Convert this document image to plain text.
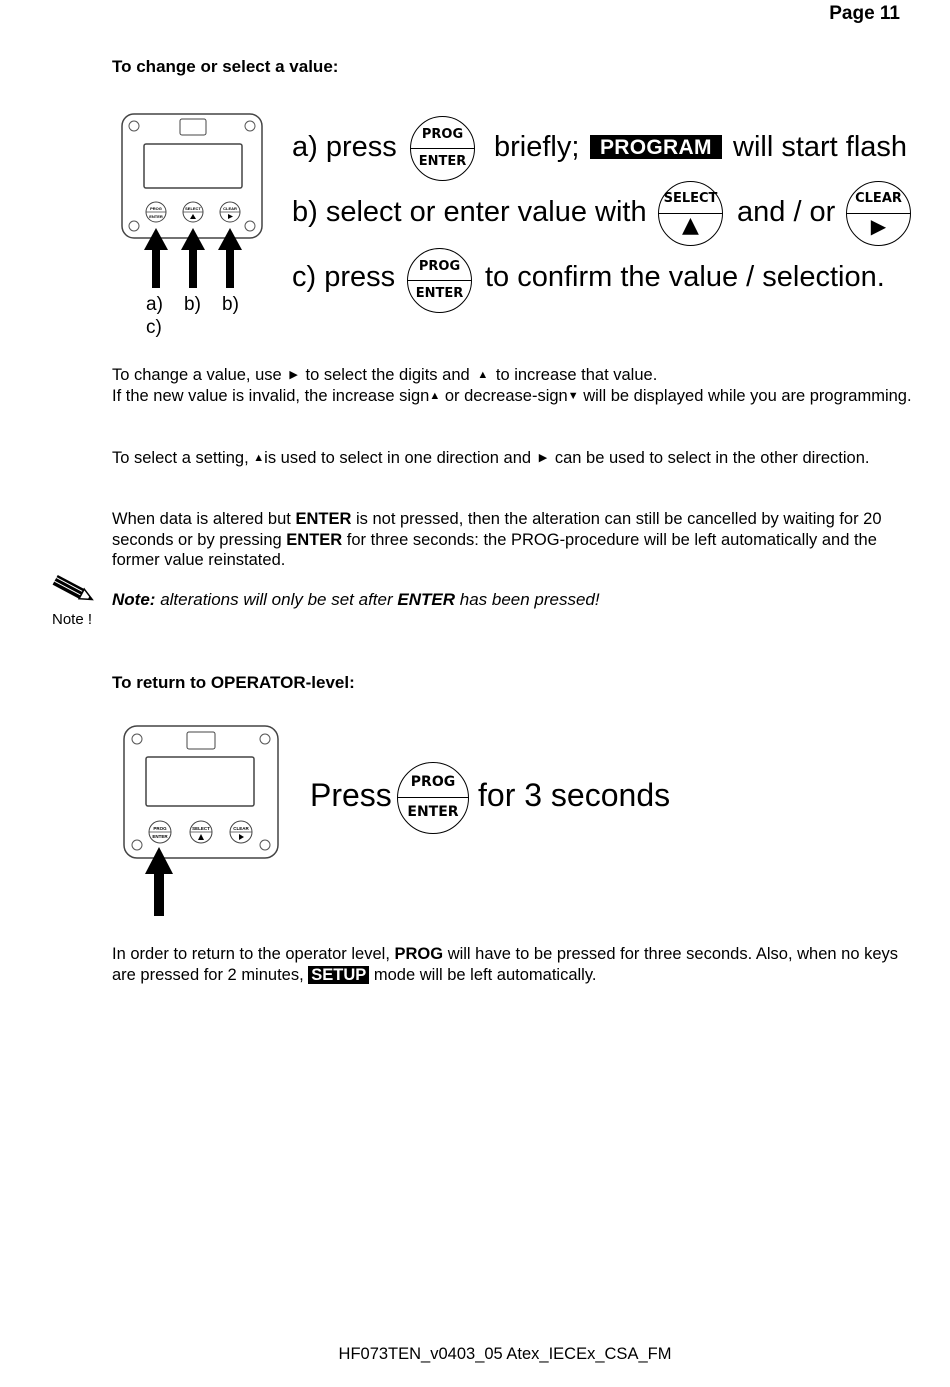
Page 11
To change or select a value:
PROG
ENTER
SELECT	CLEAR
a) b) b)
c)
a) press	PROG
ENTER briefly; PROGRAM will start flash
b) select or enter value with	SELECT
▲	and / or	CLEAR
▶
c) press	PROG
ENTER
to confirm the value / selection.

To change a value, use  ▶  to select the digits and  ▲  to increase that value.
If the new value is invalid, the increase sign▲ or decrease-sign▼ will be displayed while you are programming.

To select a setting, ▲is used to select in one direction and  ▶  can be used to select in the other direction.

When data is altered but ENTER is not pressed, then the alteration can still be cancelled by waiting for 20 seconds or by pressing ENTER for three seconds: the PROG-procedure will be left automatically and the former value reinstated.

Note !

Note: alterations will only be set after ENTER has been pressed!

To return to OPERATOR-level:
PROG
ENTER
SELECT	CLEAR
Press	PROG
ENTER for 3 seconds

In order to return to the operator level, PROG will have to be pressed for three seconds. Also, when no keys are pressed for 2 minutes, SETUP mode will be left automatically.

HF073TEN_v0403_05 Atex_IECEx_CSA_FM
